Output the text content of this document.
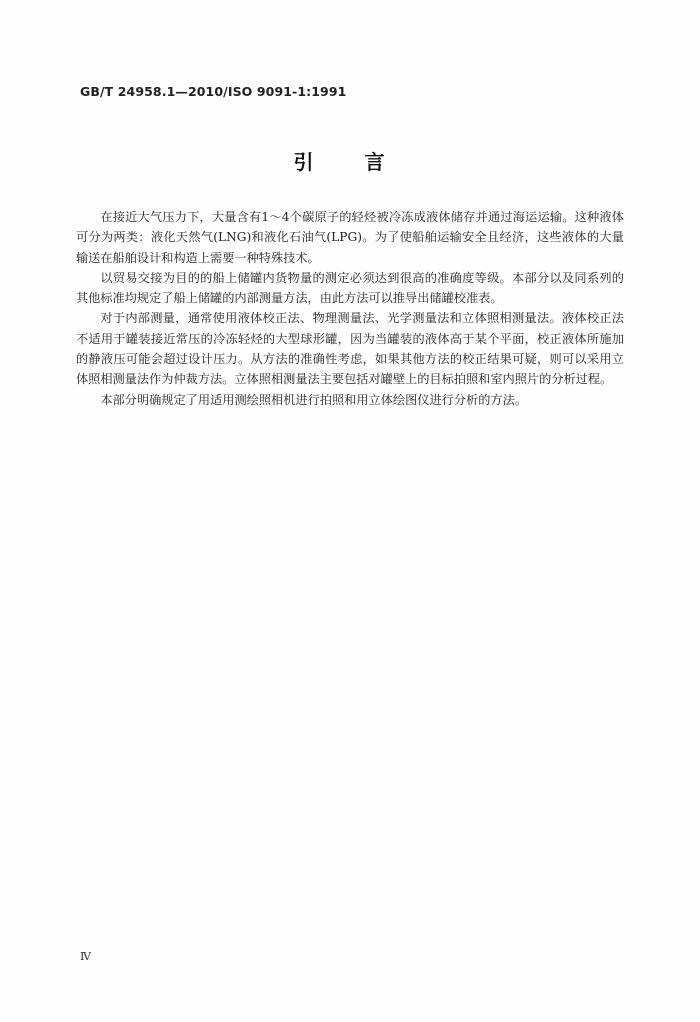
GB/T 24958.1—2010/ISO 9091-1:1991
引 言

在接近大气压力下，大量含有1～4个碳原子的轻烃被冷冻成液体储存并通过海运运输。这种液体可分为两类：液化天然气(LNG)和液化石油气(LPG)。为了使船舶运输安全且经济，这些液体的大量输送在船舶设计和构造上需要一种特殊技术。

以贸易交接为目的的船上储罐内货物量的测定必须达到很高的准确度等级。本部分以及同系列的其他标准均规定了船上储罐的内部测量方法，由此方法可以推导出储罐校准表。

对于内部测量，通常使用液体校正法、物理测量法、光学测量法和立体照相测量法。液体校正法不适用于罐装接近常压的冷冻轻烃的大型球形罐，因为当罐装的液体高于某个平面，校正液体所施加的静液压可能会超过设计压力。从方法的准确性考虑，如果其他方法的校正结果可疑，则可以采用立体照相测量法作为仲裁方法。立体照相测量法主要包括对罐壁上的目标拍照和室内照片的分析过程。

本部分明确规定了用适用测绘照相机进行拍照和用立体绘图仪进行分析的方法。

Ⅳ
